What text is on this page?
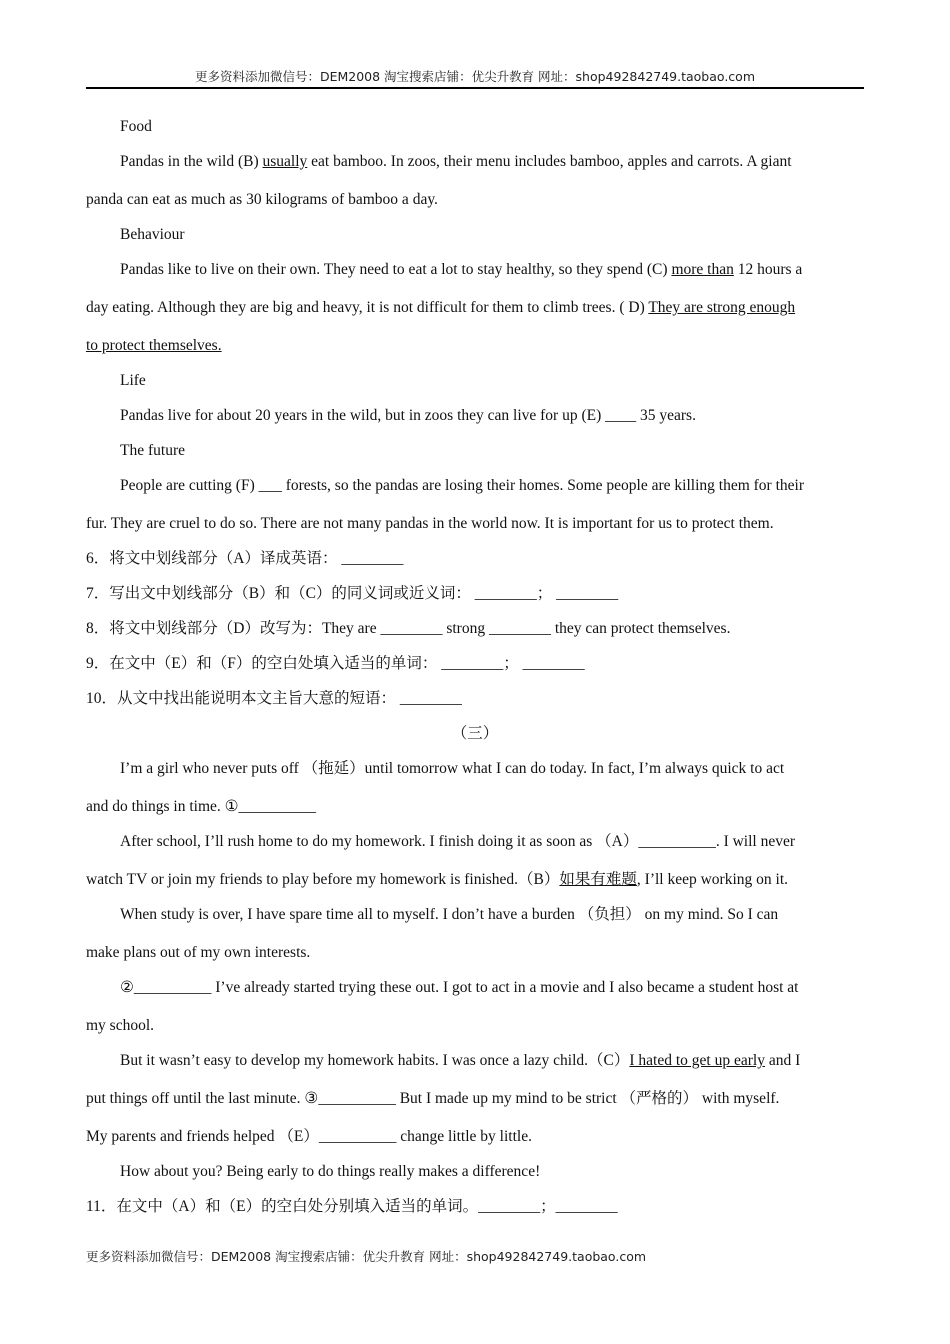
更多资料添加微信号：DEM2008 淘宝搜索店铺：优尖升教育 网址：shop492842749.taobao.com
Food
Pandas in the wild (B) usually eat bamboo. In zoos, their menu includes bamboo, apples and carrots. A giant
panda can eat as much as 30 kilograms of bamboo a day.
Behaviour
Pandas like to live on their own. They need to eat a lot to stay healthy, so they spend (C) more than 12 hours a
day eating. Although they are big and heavy, it is not difficult for them to climb trees. ( D) They are strong enough
to protect themselves.
Life
Pandas live for about 20 years in the wild, but in zoos they can live for up (E) ____ 35 years.
The future
People are cutting (F) ___ forests, so the pandas are losing their homes. Some people are killing them for their
fur. They are cruel to do so. There are not many pandas in the world now. It is important for us to protect them.
6．将文中划线部分（A）译成英语： ________
7．写出文中划线部分（B）和（C）的同义词或近义词： ________； ________
8．将文中划线部分（D）改写为：They are ________ strong ________ they can protect themselves.
9．在文中（E）和（F）的空白处填入适当的单词： ________； ________
10．从文中找出能说明本文主旨大意的短语： ________
（三）
I’m a girl who never puts off （拖延）until tomorrow what I can do today. In fact, I’m always quick to act
and do things in time. ①__________
After school, I’ll rush home to do my homework. I finish doing it as soon as （A）__________. I will never
watch TV or join my friends to play before my homework is finished.（B）如果有难题, I’ll keep working on it.
When study is over, I have spare time all to myself. I don’t have a burden （负担） on my mind. So I can
make plans out of my own interests.
②__________ I’ve already started trying these out. I got to act in a movie and I also became a student host at
my school.
But it wasn’t easy to develop my homework habits. I was once a lazy child.（C）I hated to get up early and I
put things off until the last minute. ③__________ But I made up my mind to be strict （严格的） with myself.
My parents and friends helped （E）__________ change little by little.
How about you? Being early to do things really makes a difference!
11．在文中（A）和（E）的空白处分别填入适当的单词。________；________
更多资料添加微信号：DEM2008 淘宝搜索店铺：优尖升教育 网址：shop492842749.taobao.com
